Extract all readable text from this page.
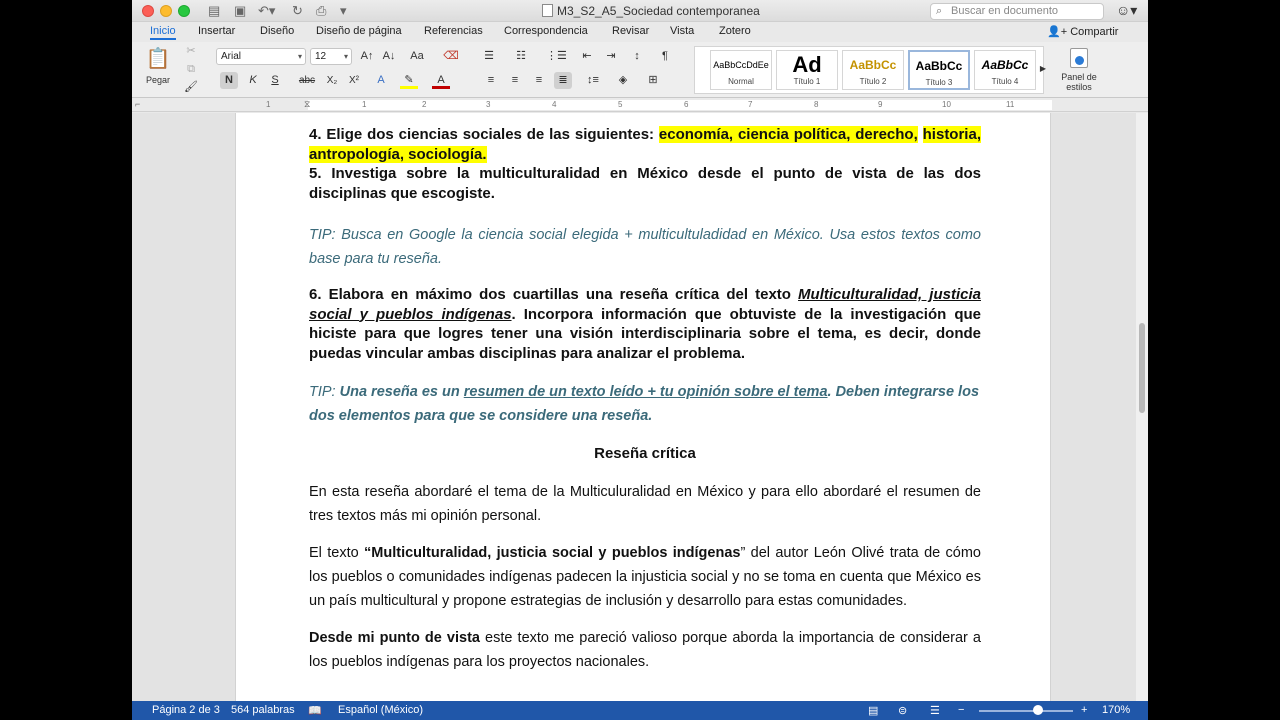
▤ ▣ ↶▾ ↻ ⎙ ▾	M3_S2_A5_Sociedad contemporanea	⌕ Buscar en documento	☺▾
Inicio Insertar Diseño Diseño de página Referencias Correspondencia Revisar Vista Zotero	👤+ Compartir
📋
Pegar
✂
⧉
🖌
Arial	▾	12 ▾ A↑ A↓ Aa ⌫
N	K	S	abc	X₂	X²	A	✎	A
☰	☷	⋮☰	⇤	⇥	↕	¶
≡	≡	≡	≣	↕≡	◈	⊞
AaBbCcDdEe
Normal
Ad
Título 1
AaBbCc
Título 2
AaBbCc
Título 3
AaBbCc
Título 4
▶
Panel de
estilos
⌐	⧖
1	1	2	3	4	5	6	7	8	9	10	11

4. Elige dos ciencias sociales de las siguientes: economía, ciencia política, derecho, historia, antropología, sociología.

5. Investiga sobre la multiculturalidad en México desde el punto de vista de las dos disciplinas que escogiste.

TIP: Busca en Google la ciencia social elegida + multicultuladidad en México. Usa estos textos como base para tu reseña.

6. Elabora en máximo dos cuartillas una reseña crítica del texto Multiculturalidad, justicia social y pueblos indígenas. Incorpora información que obtuviste de la investigación que hiciste para que logres tener una visión interdisciplinaria sobre el tema, es decir, donde puedas vincular ambas disciplinas para analizar el problema.

TIP: Una reseña es un resumen de un texto leído + tu opinión sobre el tema. Deben integrarse los dos elementos para que se considere una reseña.

Reseña crítica

En esta reseña abordaré el tema de la Multiculuralidad en México y para ello abordaré el resumen de tres textos más mi opinión personal.

El texto “Multiculturalidad, justicia social y pueblos indígenas” del autor León Olivé trata de cómo los pueblos o comunidades indígenas padecen la injusticia social y no se toma en cuenta que México es un país multicultural y propone estrategias de inclusión y desarrollo para estas comunidades.

Desde mi punto de vista este texto me pareció valioso porque aborda la importancia de considerar a los pueblos indígenas para los proyectos nacionales.

Página 2 de 3 564 palabras 📖 Español (México)	▤ ⊜ ☰ −	+ 170%
